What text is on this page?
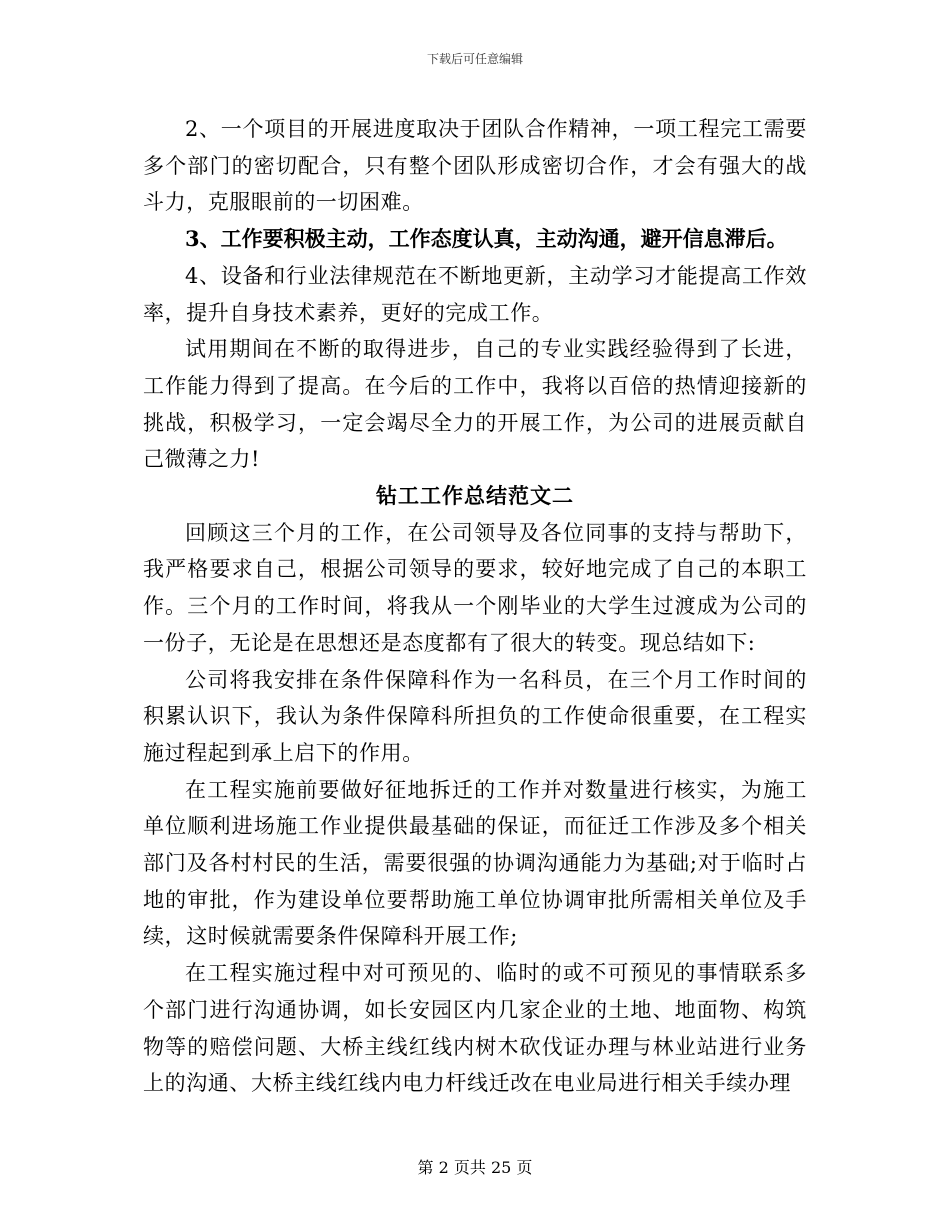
下载后可任意编辑

2、一个项目的开展进度取决于团队合作精神，一项工程完工需要多个部门的密切配合，只有整个团队形成密切合作，才会有强大的战斗力，克服眼前的一切困难。

3、工作要积极主动，工作态度认真，主动沟通，避开信息滞后。

4、设备和行业法律规范在不断地更新，主动学习才能提高工作效率，提升自身技术素养，更好的完成工作。

试用期间在不断的取得进步，自己的专业实践经验得到了长进，工作能力得到了提高。在今后的工作中，我将以百倍的热情迎接新的挑战，积极学习，一定会竭尽全力的开展工作，为公司的进展贡献自己微薄之力!

钻工工作总结范文二

回顾这三个月的工作，在公司领导及各位同事的支持与帮助下，我严格要求自己，根据公司领导的要求，较好地完成了自己的本职工作。三个月的工作时间，将我从一个刚毕业的大学生过渡成为公司的一份子，无论是在思想还是态度都有了很大的转变。现总结如下:

公司将我安排在条件保障科作为一名科员，在三个月工作时间的积累认识下，我认为条件保障科所担负的工作使命很重要，在工程实施过程起到承上启下的作用。

在工程实施前要做好征地拆迁的工作并对数量进行核实，为施工单位顺利进场施工作业提供最基础的保证，而征迁工作涉及多个相关部门及各村村民的生活，需要很强的协调沟通能力为基础;对于临时占地的审批，作为建设单位要帮助施工单位协调审批所需相关单位及手续，这时候就需要条件保障科开展工作;

在工程实施过程中对可预见的、临时的或不可预见的事情联系多个部门进行沟通协调，如长安园区内几家企业的土地、地面物、构筑物等的赔偿问题、大桥主线红线内树木砍伐证办理与林业站进行业务上的沟通、大桥主线红线内电力杆线迁改在电业局进行相关手续办理

第 2 页共 25 页
